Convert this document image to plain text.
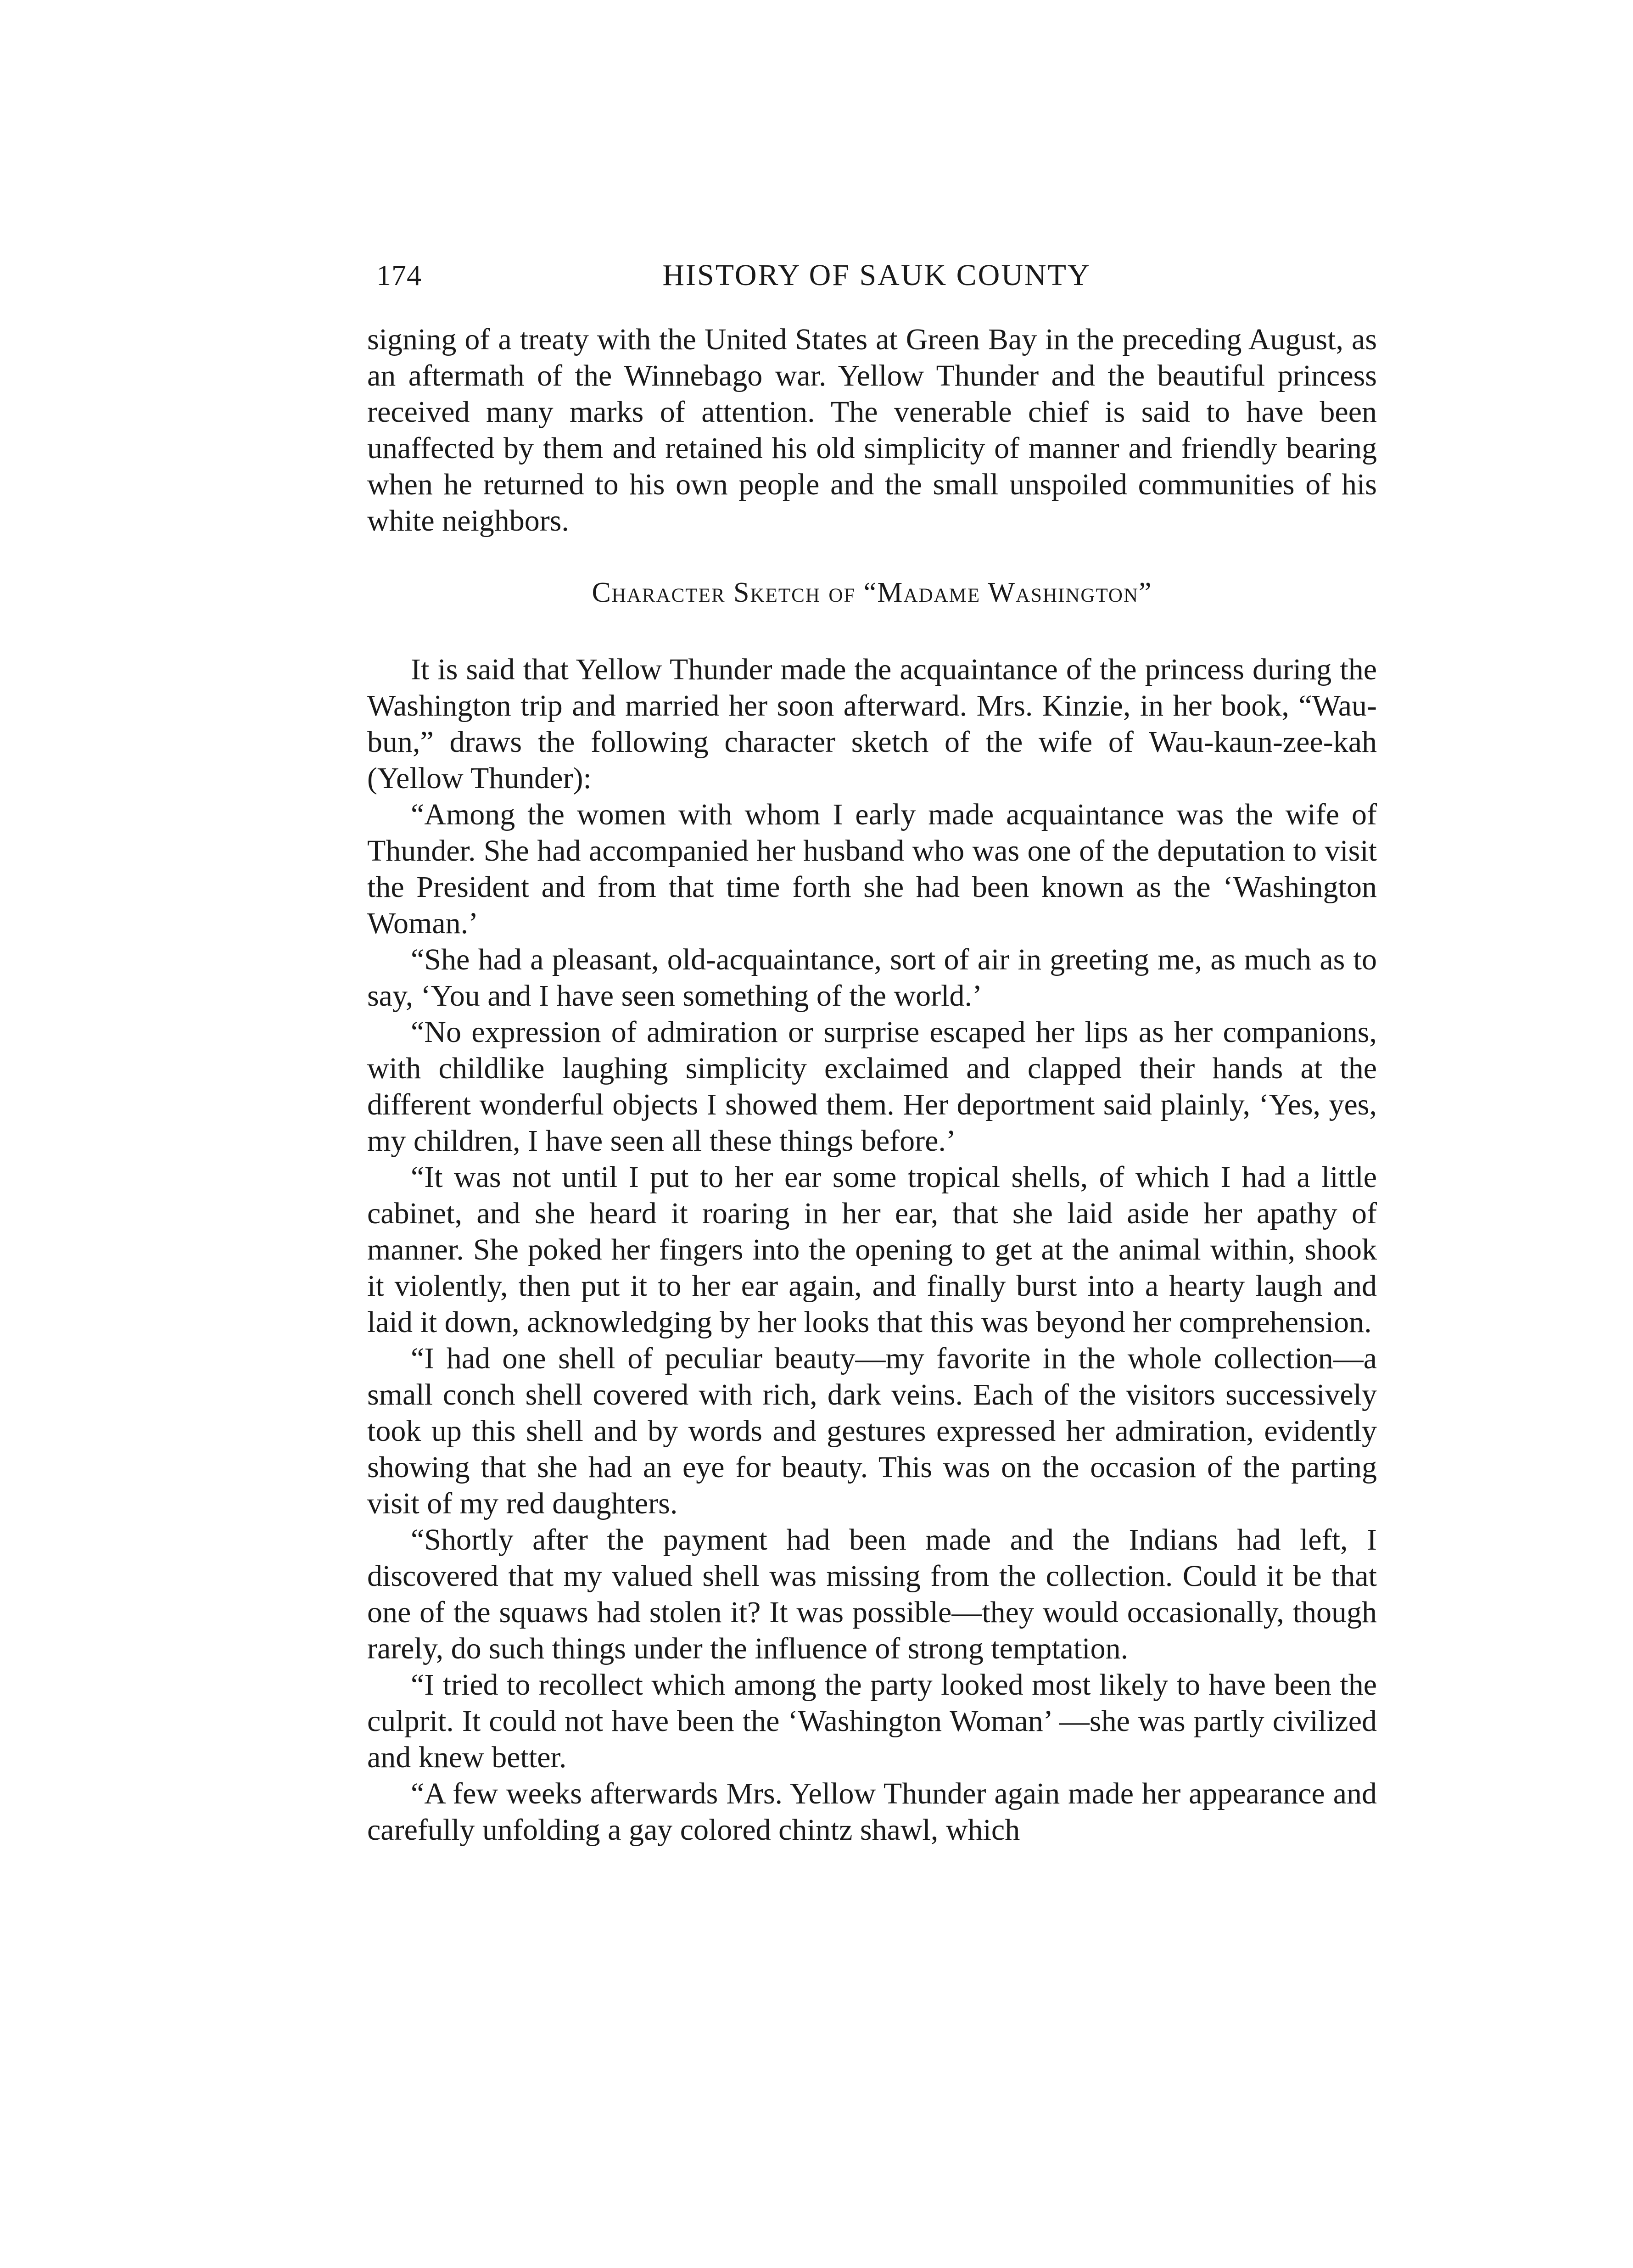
174	HISTORY OF SAUK COUNTY

signing of a treaty with the United States at Green Bay in the preceding August, as an aftermath of the Winnebago war. Yellow Thunder and the beautiful princess received many marks of attention. The venerable chief is said to have been unaffected by them and retained his old simplicity of manner and friendly bearing when he returned to his own people and the small unspoiled communities of his white neighbors.

Character Sketch of “Madame Washington”

It is said that Yellow Thunder made the acquaintance of the princess during the Washington trip and married her soon afterward. Mrs. Kinzie, in her book, “Wau-bun,” draws the following character sketch of the wife of Wau-kaun-zee-kah (Yellow Thunder):

“Among the women with whom I early made acquaintance was the wife of Thunder. She had accompanied her husband who was one of the deputation to visit the President and from that time forth she had been known as the ‘Washington Woman.’

“She had a pleasant, old-acquaintance, sort of air in greeting me, as much as to say, ‘You and I have seen something of the world.’

“No expression of admiration or surprise escaped her lips as her companions, with childlike laughing simplicity exclaimed and clapped their hands at the different wonderful objects I showed them. Her deportment said plainly, ‘Yes, yes, my children, I have seen all these things before.’

“It was not until I put to her ear some tropical shells, of which I had a little cabinet, and she heard it roaring in her ear, that she laid aside her apathy of manner. She poked her fingers into the opening to get at the animal within, shook it violently, then put it to her ear again, and finally burst into a hearty laugh and laid it down, acknowledging by her looks that this was beyond her comprehension.

“I had one shell of peculiar beauty—my favorite in the whole collection—a small conch shell covered with rich, dark veins. Each of the visitors successively took up this shell and by words and gestures expressed her admiration, evidently showing that she had an eye for beauty. This was on the occasion of the parting visit of my red daughters.

“Shortly after the payment had been made and the Indians had left, I discovered that my valued shell was missing from the collection. Could it be that one of the squaws had stolen it? It was possible—they would occasionally, though rarely, do such things under the influence of strong temptation.

“I tried to recollect which among the party looked most likely to have been the culprit. It could not have been the ‘Washington Woman’ —she was partly civilized and knew better.

“A few weeks afterwards Mrs. Yellow Thunder again made her appearance and carefully unfolding a gay colored chintz shawl, which
